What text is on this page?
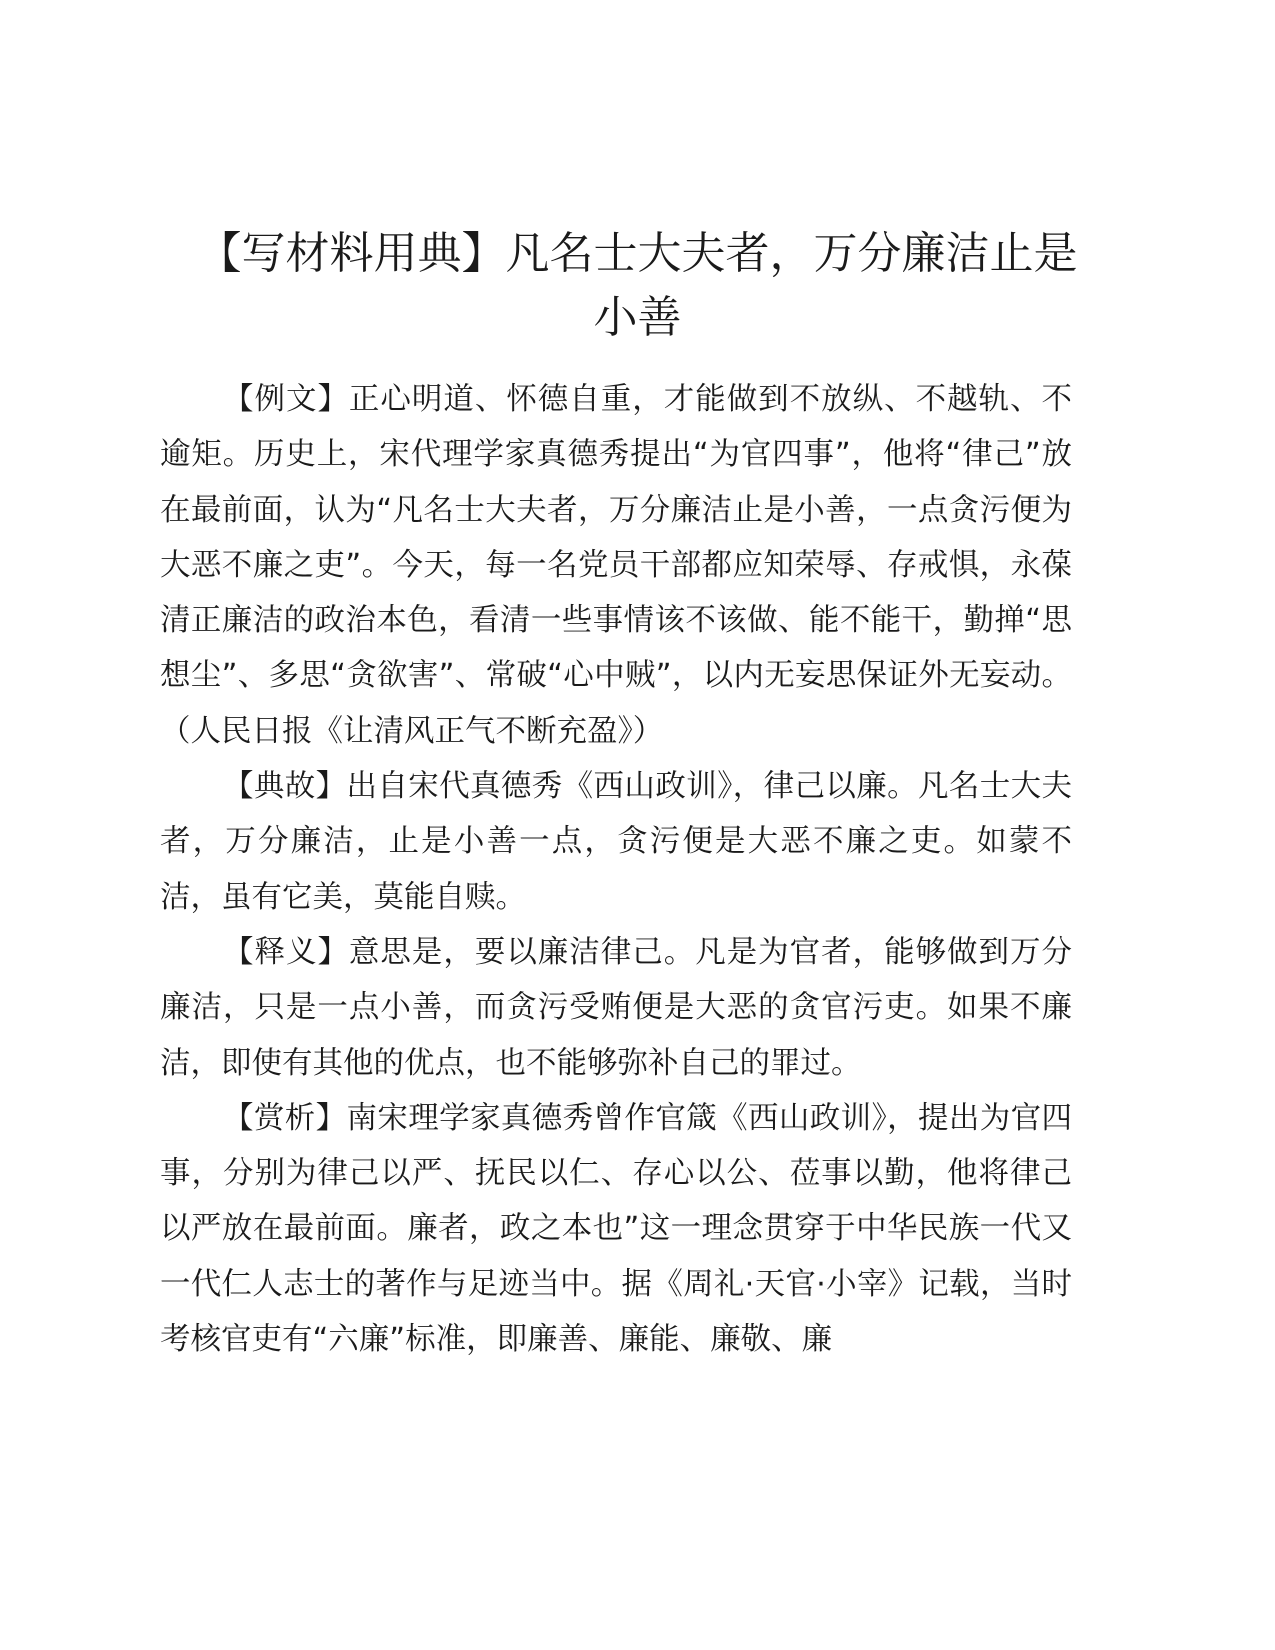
【写材料用典】凡名士大夫者，万分廉洁止是
小善

【例文】正心明道、怀德自重，才能做到不放纵、不越轨、不逾矩。历史上，宋代理学家真德秀提出“为官四事”，他将“律己”放在最前面，认为“凡名士大夫者，万分廉洁止是小善，一点贪污便为大恶不廉之吏”。今天，每一名党员干部都应知荣辱、存戒惧，永葆清正廉洁的政治本色，看清一些事情该不该做、能不能干，勤掸“思想尘”、多思“贪欲害”、常破“心中贼”，以内无妄思保证外无妄动。（人民日报《让清风正气不断充盈》）

【典故】出自宋代真德秀《西山政训》，律己以廉。凡名士大夫者，万分廉洁，止是小善一点，贪污便是大恶不廉之吏。如蒙不洁，虽有它美，莫能自赎。

【释义】意思是，要以廉洁律己。凡是为官者，能够做到万分廉洁，只是一点小善，而贪污受贿便是大恶的贪官污吏。如果不廉洁，即使有其他的优点，也不能够弥补自己的罪过。

【赏析】南宋理学家真德秀曾作官箴《西山政训》，提出为官四事，分别为律己以严、抚民以仁、存心以公、莅事以勤，他将律己以严放在最前面。廉者，政之本也”这一理念贯穿于中华民族一代又一代仁人志士的著作与足迹当中。据《周礼·天官·小宰》记载，当时考核官吏有“六廉”标准，即廉善、廉能、廉敬、廉
